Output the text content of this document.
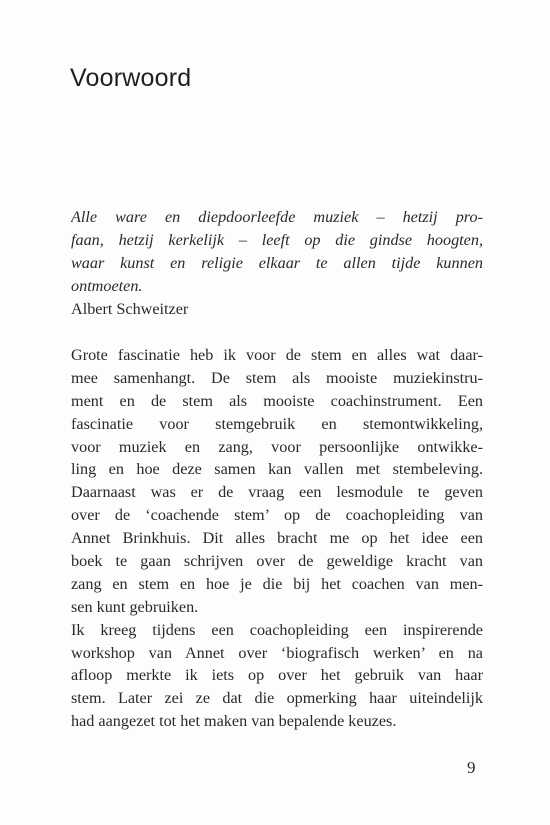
Voorwoord
Alle ware en diepdoorleefde muziek – hetzij pro-
faan, hetzij kerkelijk – leeft op die gindse hoogten,
waar kunst en religie elkaar te allen tijde kunnen
ontmoeten.
Albert Schweitzer
Grote fascinatie heb ik voor de stem en alles wat daar-
mee samenhangt. De stem als mooiste muziekinstru-
ment en de stem als mooiste coachinstrument. Een
fascinatie voor stemgebruik en stemontwikkeling,
voor muziek en zang, voor persoonlijke ontwikke-
ling en hoe deze samen kan vallen met stembeleving.
Daarnaast was er de vraag een lesmodule te geven
over de ‘coachende stem’ op de coachopleiding van
Annet Brinkhuis. Dit alles bracht me op het idee een
boek te gaan schrijven over de geweldige kracht van
zang en stem en hoe je die bij het coachen van men-
sen kunt gebruiken.
Ik kreeg tijdens een coachopleiding een inspirerende
workshop van Annet over ‘biografisch werken’ en na
afloop merkte ik iets op over het gebruik van haar
stem. Later zei ze dat die opmerking haar uiteindelijk
had aangezet tot het maken van bepalende keuzes.
9
